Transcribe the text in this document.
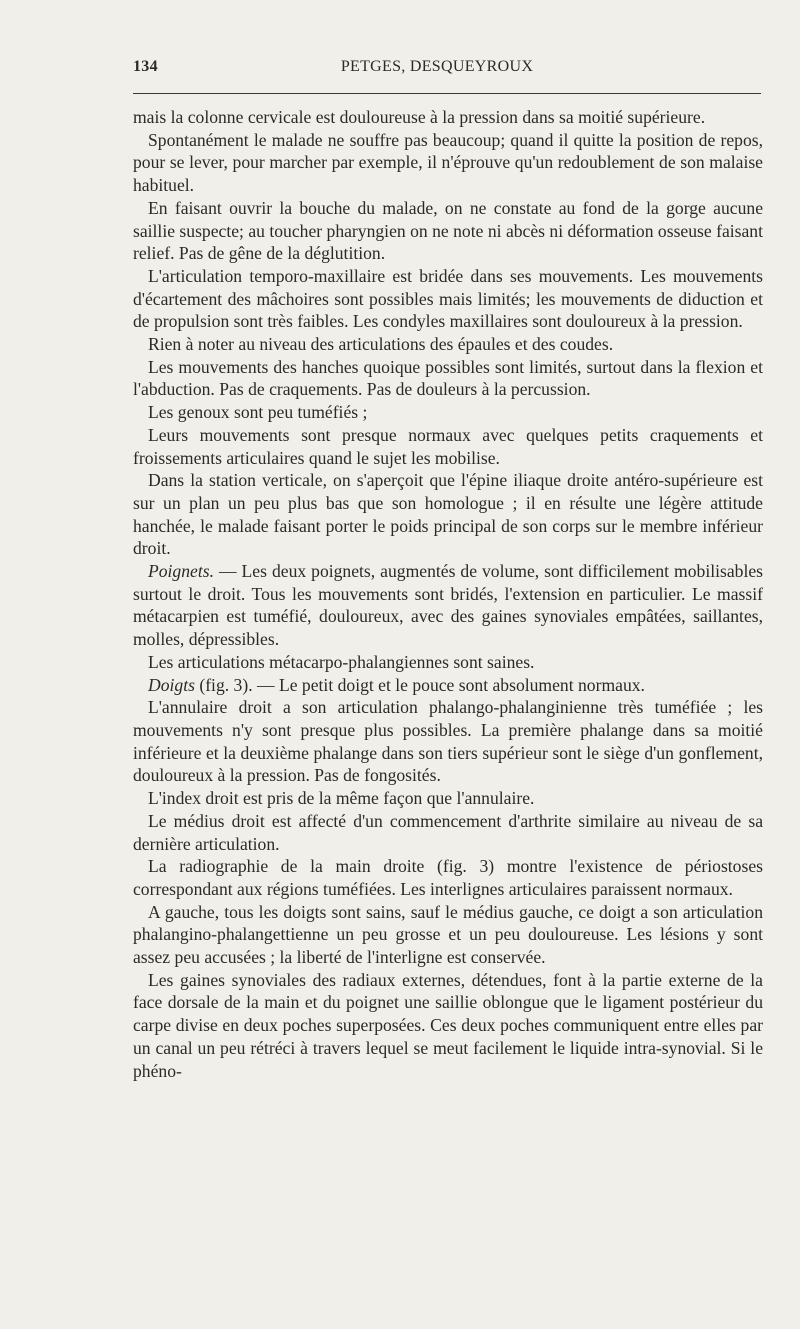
134	PETGES, DESQUEYROUX

mais la colonne cervicale est douloureuse à la pression dans sa moitié supérieure.

Spontanément le malade ne souffre pas beaucoup; quand il quitte la position de repos, pour se lever, pour marcher par exemple, il n'éprouve qu'un redoublement de son malaise habituel.

En faisant ouvrir la bouche du malade, on ne constate au fond de la gorge aucune saillie suspecte; au toucher pharyngien on ne note ni abcès ni déformation osseuse faisant relief. Pas de gêne de la déglutition.

L'articulation temporo-maxillaire est bridée dans ses mouvements. Les mouvements d'écartement des mâchoires sont possibles mais limités; les mouvements de diduction et de propulsion sont très faibles. Les condyles maxillaires sont douloureux à la pression.

Rien à noter au niveau des articulations des épaules et des coudes.

Les mouvements des hanches quoique possibles sont limités, surtout dans la flexion et l'abduction. Pas de craquements. Pas de douleurs à la percussion.

Les genoux sont peu tuméfiés ;

Leurs mouvements sont presque normaux avec quelques petits craquements et froissements articulaires quand le sujet les mobilise.

Dans la station verticale, on s'aperçoit que l'épine iliaque droite antéro-supérieure est sur un plan un peu plus bas que son homologue ; il en résulte une légère attitude hanchée, le malade faisant porter le poids principal de son corps sur le membre inférieur droit.

Poignets. — Les deux poignets, augmentés de volume, sont difficilement mobilisables surtout le droit. Tous les mouvements sont bridés, l'extension en particulier. Le massif métacarpien est tuméfié, douloureux, avec des gaines synoviales empâtées, saillantes, molles, dépressibles.

Les articulations métacarpo-phalangiennes sont saines.

Doigts (fig. 3). — Le petit doigt et le pouce sont absolument normaux.

L'annulaire droit a son articulation phalango-phalanginienne très tuméfiée ; les mouvements n'y sont presque plus possibles. La première phalange dans sa moitié inférieure et la deuxième phalange dans son tiers supérieur sont le siège d'un gonflement, douloureux à la pression. Pas de fongosités.

L'index droit est pris de la même façon que l'annulaire.

Le médius droit est affecté d'un commencement d'arthrite similaire au niveau de sa dernière articulation.

La radiographie de la main droite (fig. 3) montre l'existence de périostoses correspondant aux régions tuméfiées. Les interlignes articulaires paraissent normaux.

A gauche, tous les doigts sont sains, sauf le médius gauche, ce doigt a son articulation phalangino-phalangettienne un peu grosse et un peu douloureuse. Les lésions y sont assez peu accusées ; la liberté de l'interligne est conservée.

Les gaines synoviales des radiaux externes, détendues, font à la partie externe de la face dorsale de la main et du poignet une saillie oblongue que le ligament postérieur du carpe divise en deux poches superposées. Ces deux poches communiquent entre elles par un canal un peu rétréci à travers lequel se meut facilement le liquide intra-synovial. Si le phéno-
